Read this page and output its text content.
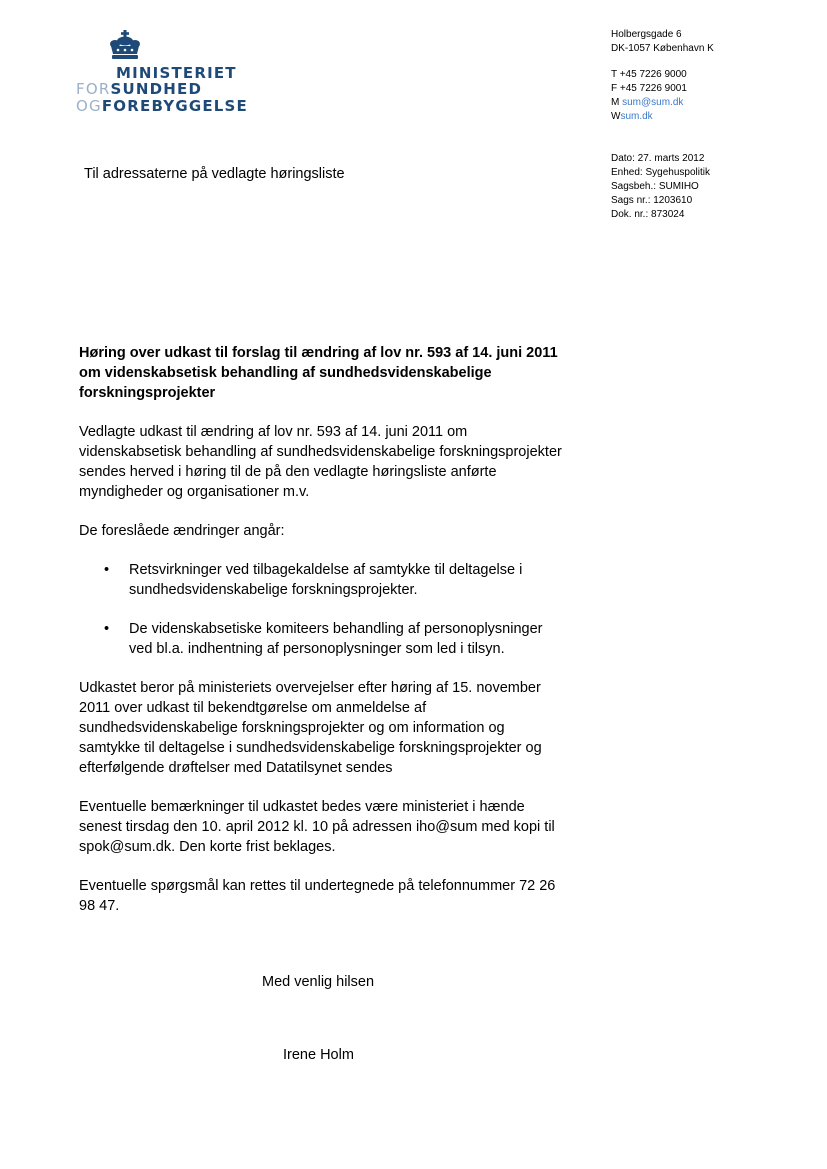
MINISTERIET
FORSUNDHED
OGFOREBYGGELSE
Holbergsgade 6
DK-1057 København K
T +45 7226 9000
F +45 7226 9001
M sum@sum.dk
Wsum.dk
Dato: 27. marts 2012
Enhed: Sygehuspolitik
Sagsbeh.: SUMIHO
Sags nr.: 1203610
Dok. nr.: 873024
Til adressaterne på vedlagte høringsliste
Høring over udkast til forslag til ændring af lov nr. 593 af 14. juni 2011 om videnskabsetisk behandling af sundhedsvidenskabelige forskningsprojekter
Vedlagte udkast til ændring af lov nr. 593 af 14. juni 2011 om videnskabsetisk behandling af sundhedsvidenskabelige forskningsprojekter sendes herved i høring til de på den vedlagte høringsliste anførte myndigheder og organisationer m.v.
De foreslåede ændringer angår:
• Retsvirkninger ved tilbagekaldelse af samtykke til deltagelse i sundhedsvidenskabelige forskningsprojekter.
• De videnskabsetiske komiteers behandling af personoplysninger ved bl.a. indhentning af personoplysninger som led i tilsyn.
Udkastet beror på ministeriets overvejelser efter høring af 15. november 2011 over udkast til bekendtgørelse om anmeldelse af sundhedsvidenskabelige forskningsprojekter og om information og samtykke til deltagelse i sundhedsvidenskabelige forskningsprojekter og efterfølgende drøftelser med Datatilsynet sendes
Eventuelle bemærkninger til udkastet bedes være ministeriet i hænde senest tirsdag den 10. april 2012 kl. 10 på adressen iho@sum med kopi til spok@sum.dk. Den korte frist beklages.
Eventuelle spørgsmål kan rettes til undertegnede på telefonnummer 72 26 98 47.
Med venlig hilsen
Irene Holm
